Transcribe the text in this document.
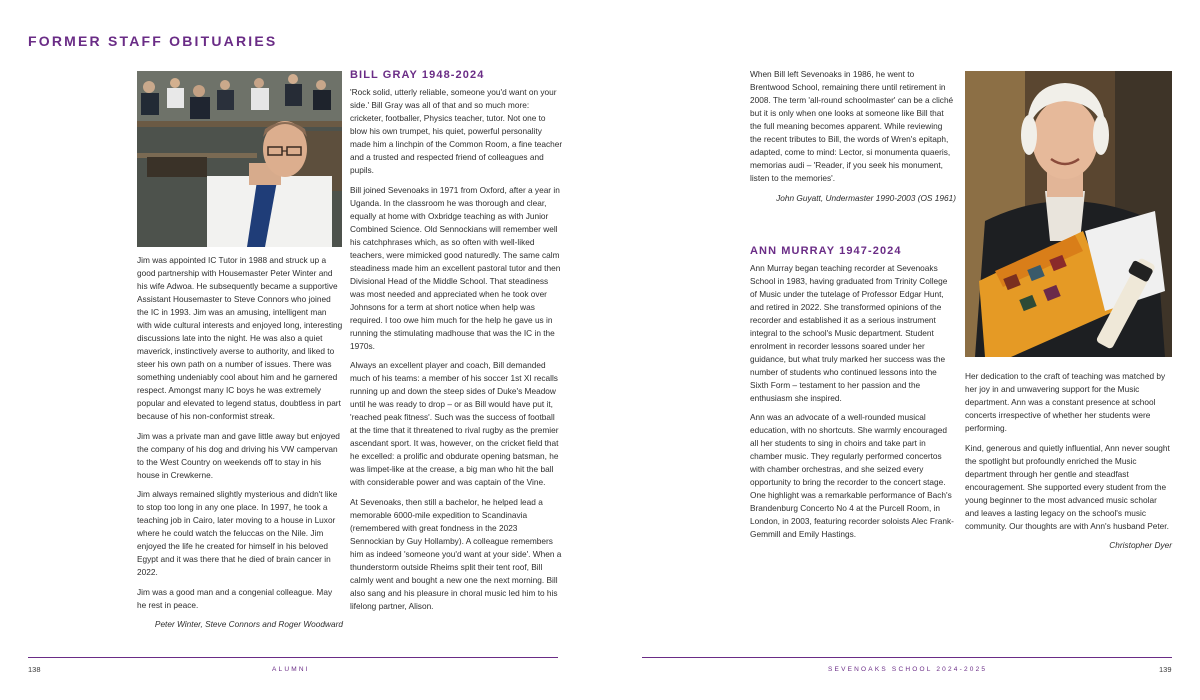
FORMER STAFF OBITUARIES

Jim was appointed IC Tutor in 1988 and struck up a good partnership with Housemaster Peter Winter and his wife Adwoa. He subsequently became a supportive Assistant Housemaster to Steve Connors who joined the IC in 1993. Jim was an amusing, intelligent man with wide cultural interests and enjoyed long, interesting discussions late into the night. He was also a quiet maverick, instinctively averse to authority, and liked to steer his own path on a number of issues. There was something undeniably cool about him and he garnered respect. Amongst many IC boys he was extremely popular and elevated to legend status, doubtless in part because of his non-conformist streak.

Jim was a private man and gave little away but enjoyed the company of his dog and driving his VW campervan to the West Country on weekends off to stay in his house in Crewkerne.

Jim always remained slightly mysterious and didn't like to stop too long in any one place. In 1997, he took a teaching job in Cairo, later moving to a house in Luxor where he could watch the feluccas on the Nile. Jim enjoyed the life he created for himself in his beloved Egypt and it was there that he died of brain cancer in 2022.

Jim was a good man and a congenial colleague. May he rest in peace.

Peter Winter, Steve Connors and Roger Woodward

BILL GRAY 1948-2024

'Rock solid, utterly reliable, someone you'd want on your side.' Bill Gray was all of that and so much more: cricketer, footballer, Physics teacher, tutor. Not one to blow his own trumpet, his quiet, powerful personality made him a linchpin of the Common Room, a fine teacher and a trusted and respected friend of colleagues and pupils.

Bill joined Sevenoaks in 1971 from Oxford, after a year in Uganda. In the classroom he was thorough and clear, equally at home with Oxbridge teaching as with Junior Combined Science. Old Sennockians will remember well his catchphrases which, as so often with well-liked teachers, were mimicked good naturedly. The same calm steadiness made him an excellent pastoral tutor and then Divisional Head of the Middle School. That steadiness was most needed and appreciated when he took over Johnsons for a term at short notice when help was required. I too owe him much for the help he gave us in running the stimulating madhouse that was the IC in the 1970s.

Always an excellent player and coach, Bill demanded much of his teams: a member of his soccer 1st XI recalls running up and down the steep sides of Duke's Meadow until he was ready to drop – or as Bill would have put it, 'reached peak fitness'. Such was the success of football at the time that it threatened to rival rugby as the premier ascendant sport. It was, however, on the cricket field that he excelled: a prolific and obdurate opening batsman, he was limpet-like at the crease, a big man who hit the ball with considerable power and was captain of the Vine.

At Sevenoaks, then still a bachelor, he helped lead a memorable 6000-mile expedition to Scandinavia (remembered with great fondness in the 2023 Sennockian by Guy Hollamby). A colleague remembers him as indeed 'someone you'd want at your side'. When a thunderstorm outside Rheims split their tent roof, Bill calmly went and bought a new one the next morning. Bill also sang and his pleasure in choral music led him to his lifelong partner, Alison.

When Bill left Sevenoaks in 1986, he went to Brentwood School, remaining there until retirement in 2008. The term 'all-round schoolmaster' can be a cliché but it is only when one looks at someone like Bill that the full meaning becomes apparent. While reviewing the recent tributes to Bill, the words of Wren's epitaph, adapted, come to mind: Lector, si monumenta quaeris, memorias audi – 'Reader, if you seek his monument, listen to the memories'.

John Guyatt, Undermaster 1990-2003 (OS 1961)

ANN MURRAY 1947-2024

Ann Murray began teaching recorder at Sevenoaks School in 1983, having graduated from Trinity College of Music under the tutelage of Professor Edgar Hunt, and retired in 2022. She transformed opinions of the recorder and established it as a serious instrument integral to the school's Music department. Student enrolment in recorder lessons soared under her guidance, but what truly marked her success was the number of students who continued lessons into the Sixth Form – testament to her passion and the enthusiasm she inspired.

Ann was an advocate of a well-rounded musical education, with no shortcuts. She warmly encouraged all her students to sing in choirs and take part in chamber music. They regularly performed concertos with chamber orchestras, and she seized every opportunity to bring the recorder to the concert stage. One highlight was a remarkable performance of Bach's Brandenburg Concerto No 4 at the Purcell Room, in London, in 2003, featuring recorder soloists Alec Frank-Gemmill and Emily Hastings.

Her dedication to the craft of teaching was matched by her joy in and unwavering support for the Music department. Ann was a constant presence at school concerts irrespective of whether her students were performing.

Kind, generous and quietly influential, Ann never sought the spotlight but profoundly enriched the Music department through her gentle and steadfast encouragement. She supported every student from the young beginner to the most advanced music scholar and leaves a lasting legacy on the school's music community. Our thoughts are with Ann's husband Peter.

Christopher Dyer

138	ALUMNI	SEVENOAKS SCHOOL 2024-2025	139
